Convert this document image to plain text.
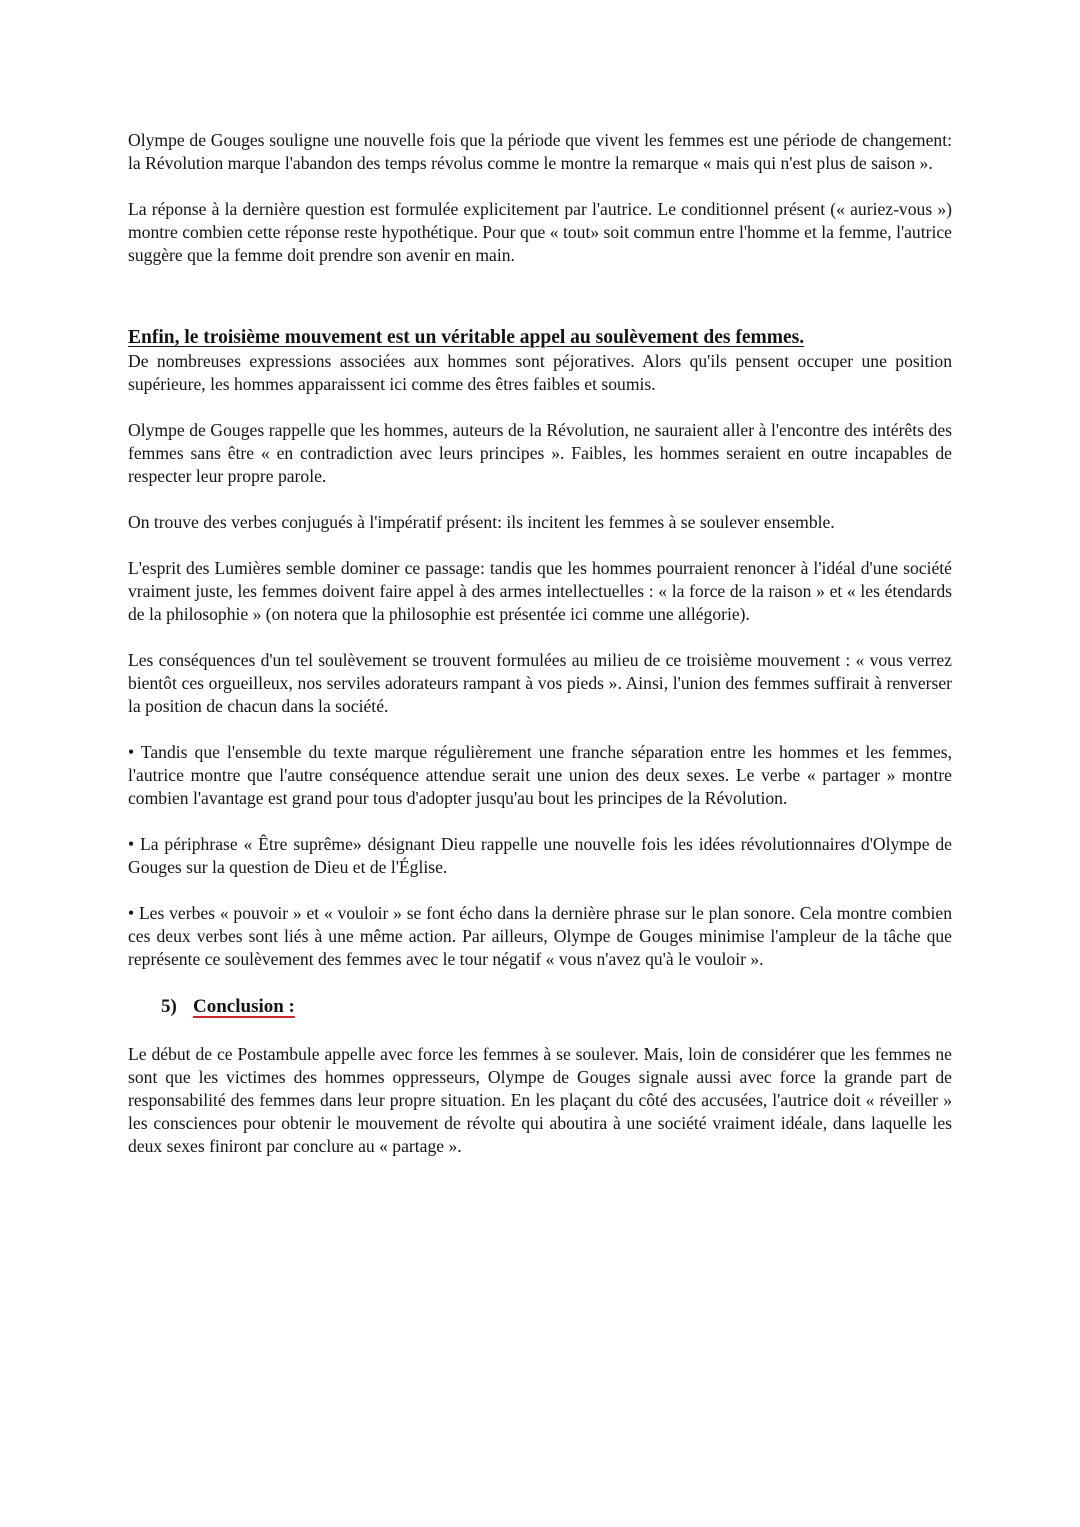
Olympe de Gouges souligne une nouvelle fois que la période que vivent les femmes est une période de changement: la Révolution marque l'abandon des temps révolus comme le montre la remarque « mais qui n'est plus de saison ».

La réponse à la dernière question est formulée explicitement par l'autrice. Le conditionnel présent (« auriez-vous ») montre combien cette réponse reste hypothétique. Pour que « tout» soit commun entre l'homme et la femme, l'autrice suggère que la femme doit prendre son avenir en main.

Enfin, le troisième mouvement est un véritable appel au soulèvement des femmes.

De nombreuses expressions associées aux hommes sont péjoratives. Alors qu'ils pensent occuper une position supérieure, les hommes apparaissent ici comme des êtres faibles et soumis.

Olympe de Gouges rappelle que les hommes, auteurs de la Révolution, ne sauraient aller à l'encontre des intérêts des femmes sans être « en contradiction avec leurs principes ». Faibles, les hommes seraient en outre incapables de respecter leur propre parole.

On trouve des verbes conjugués à l'impératif présent: ils incitent les femmes à se soulever ensemble.

L'esprit des Lumières semble dominer ce passage: tandis que les hommes pourraient renoncer à l'idéal d'une société vraiment juste, les femmes doivent faire appel à des armes intellectuelles : « la force de la raison » et « les étendards de la philosophie » (on notera que la philosophie est présentée ici comme une allégorie).

Les conséquences d'un tel soulèvement se trouvent formulées au milieu de ce troisième mouvement : « vous verrez bientôt ces orgueilleux, nos serviles adorateurs rampant à vos pieds ». Ainsi, l'union des femmes suffirait à renverser la position de chacun dans la société.

• Tandis que l'ensemble du texte marque régulièrement une franche séparation entre les hommes et les femmes, l'autrice montre que l'autre conséquence attendue serait une union des deux sexes. Le verbe « partager » montre combien l'avantage est grand pour tous d'adopter jusqu'au bout les principes de la Révolution.

• La périphrase « Être suprême» désignant Dieu rappelle une nouvelle fois les idées révolutionnaires d'Olympe de Gouges sur la question de Dieu et de l'Église.

• Les verbes « pouvoir » et « vouloir » se font écho dans la dernière phrase sur le plan sonore. Cela montre combien ces deux verbes sont liés à une même action. Par ailleurs, Olympe de Gouges minimise l'ampleur de la tâche que représente ce soulèvement des femmes avec le tour négatif « vous n'avez qu'à le vouloir ».

5) Conclusion :

Le début de ce Postambule appelle avec force les femmes à se soulever. Mais, loin de considérer que les femmes ne sont que les victimes des hommes oppresseurs, Olympe de Gouges signale aussi avec force la grande part de responsabilité des femmes dans leur propre situation. En les plaçant du côté des accusées, l'autrice doit « réveiller » les consciences pour obtenir le mouvement de révolte qui aboutira à une société vraiment idéale, dans laquelle les deux sexes finiront par conclure au « partage ».
